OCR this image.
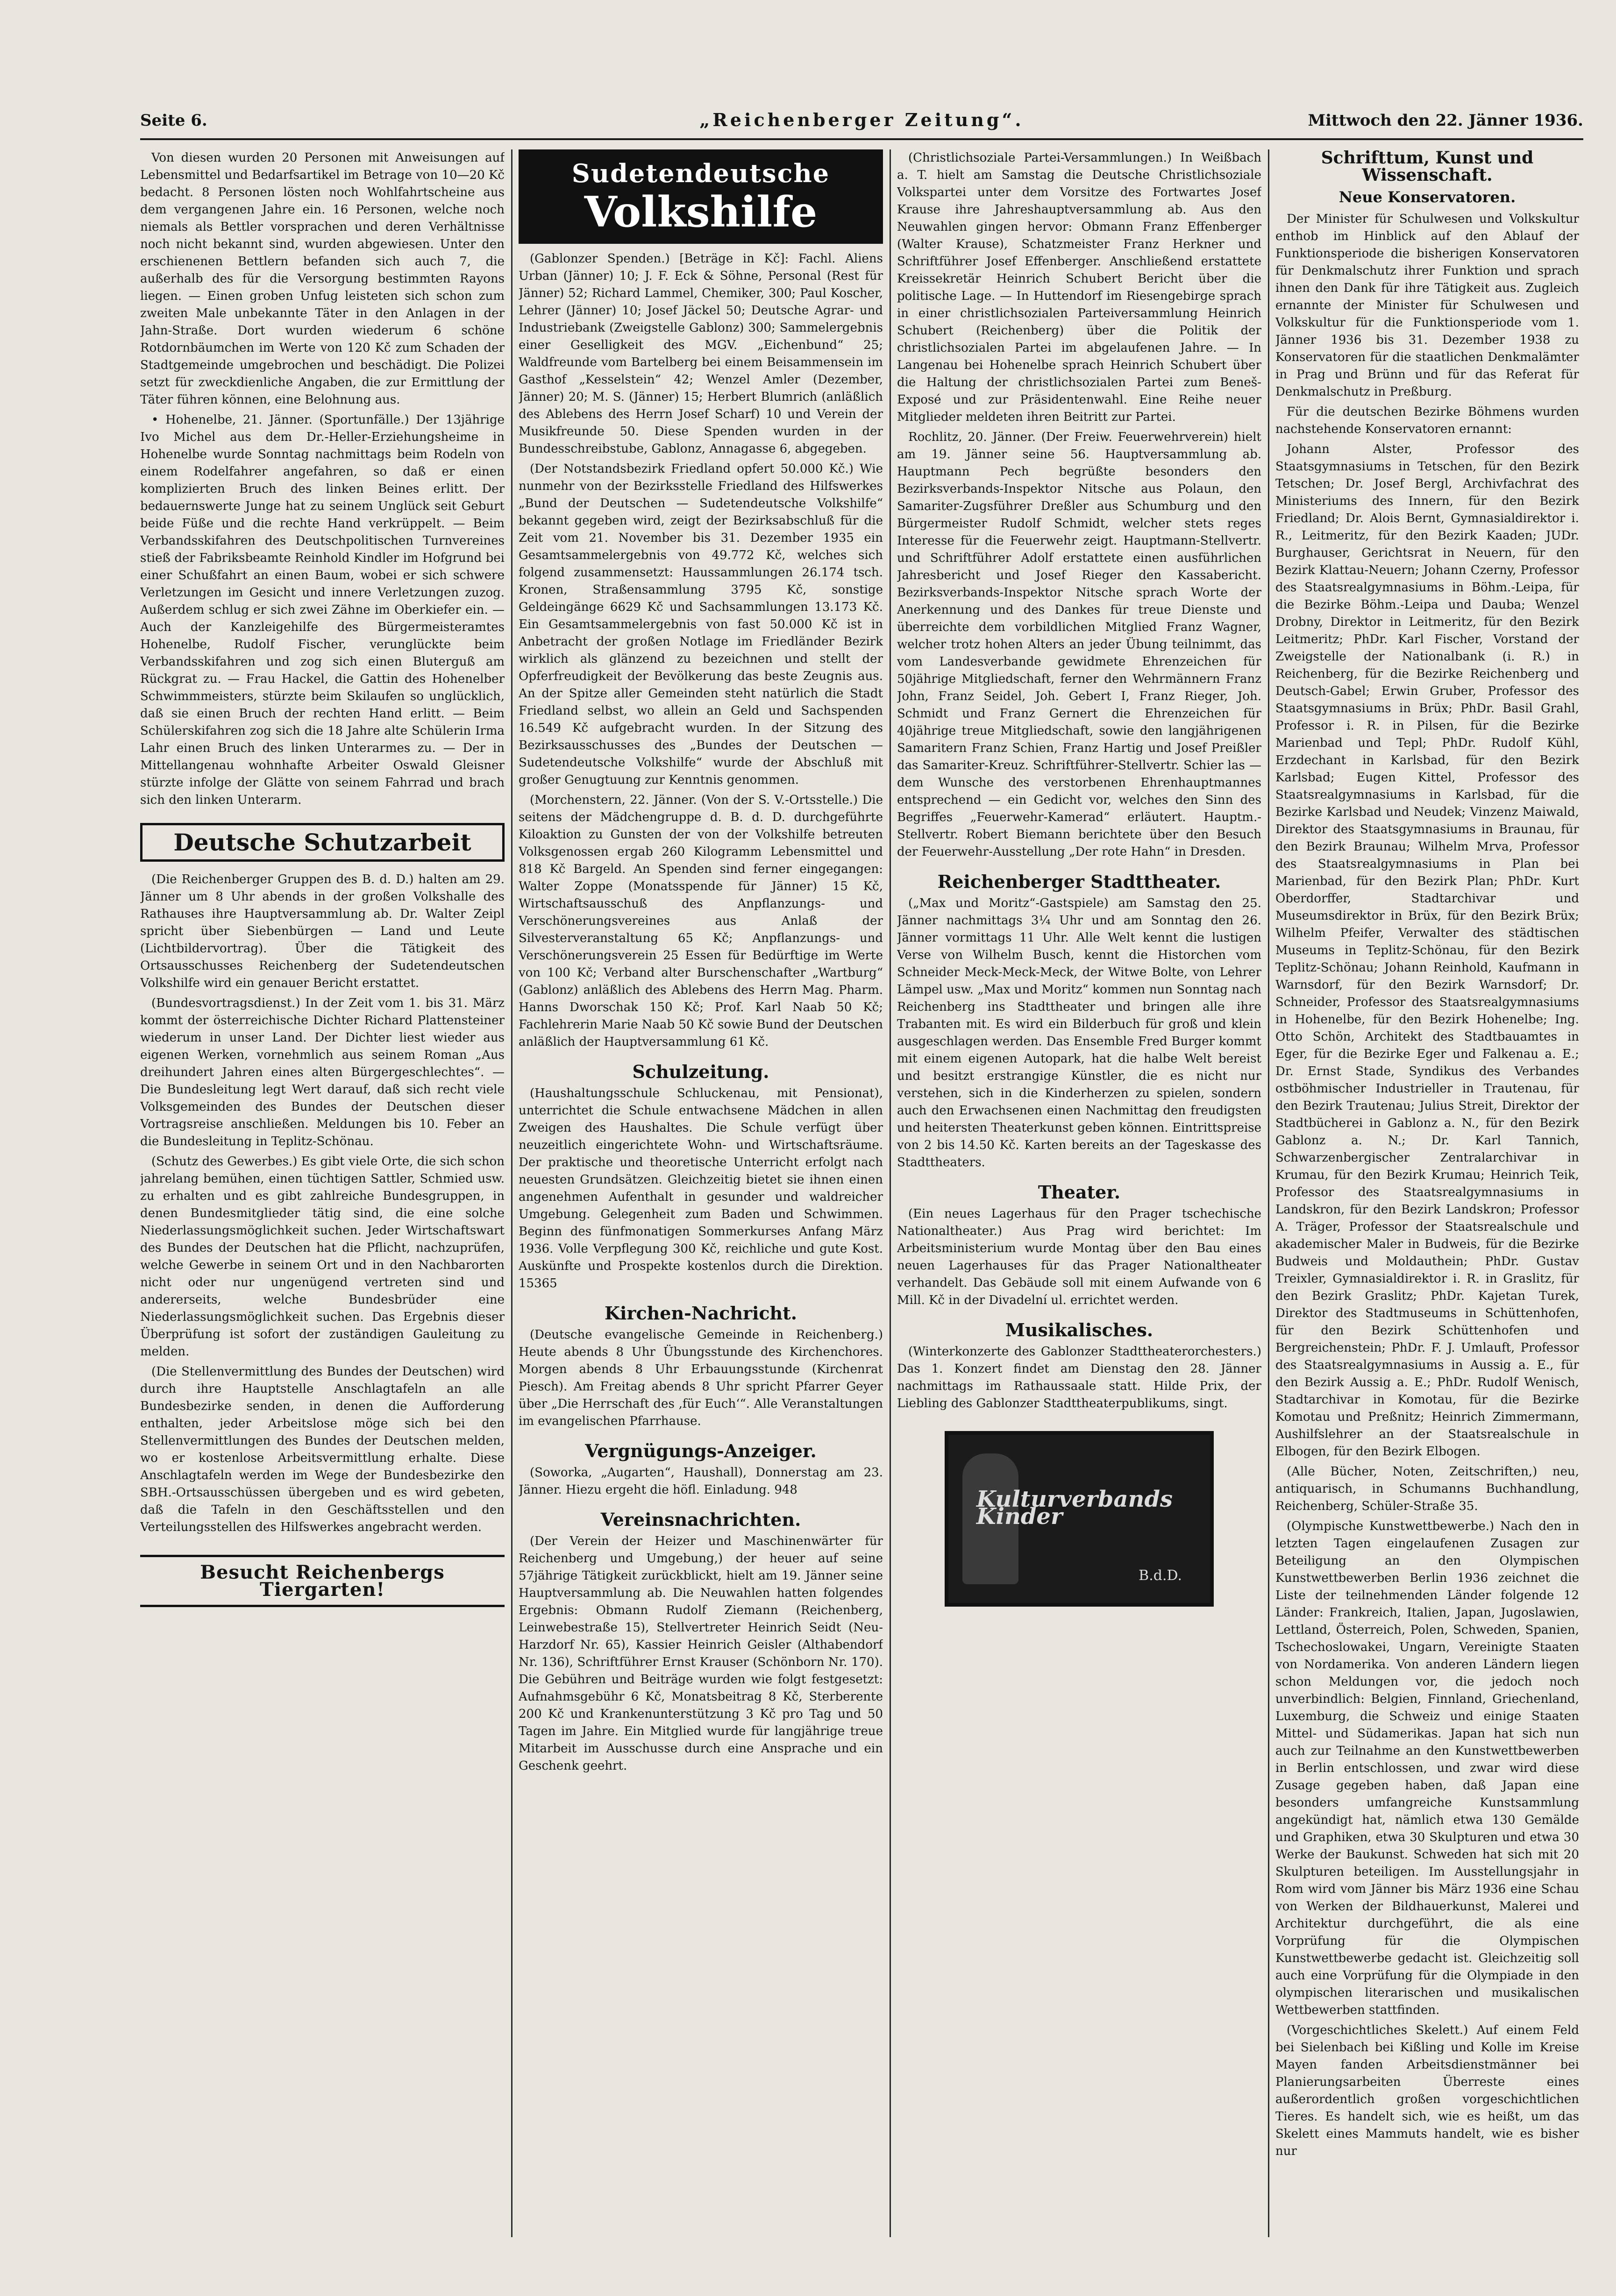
Seite 6.	„Reichenberger Zeitung“.	Mittwoch den 22. Jänner 1936.

Von diesen wurden 20 Personen mit Anweisungen auf Lebensmittel und Bedarfsartikel im Betrage von 10—20 Kč bedacht. 8 Personen lösten noch Wohlfahrtscheine aus dem vergangenen Jahre ein. 16 Personen, welche noch niemals als Bettler vorsprachen und deren Verhältnisse noch nicht bekannt sind, wurden abgewiesen. Unter den erschienenen Bettlern befanden sich auch 7, die außerhalb des für die Versorgung bestimmten Rayons liegen. — Einen groben Unfug leisteten sich schon zum zweiten Male unbekannte Täter in den Anlagen in der Jahn-Straße. Dort wurden wiederum 6 schöne Rotdornbäumchen im Werte von 120 Kč zum Schaden der Stadtgemeinde umgebrochen und beschädigt. Die Polizei setzt für zweckdienliche Angaben, die zur Ermittlung der Täter führen können, eine Belohnung aus.

• Hohenelbe, 21. Jänner. (Sportunfälle.) Der 13jährige Ivo Michel aus dem Dr.-Heller-Erziehungsheime in Hohenelbe wurde Sonntag nachmittags beim Rodeln von einem Rodelfahrer angefahren, so daß er einen komplizierten Bruch des linken Beines erlitt. Der bedauernswerte Junge hat zu seinem Unglück seit Geburt beide Füße und die rechte Hand verkrüppelt. — Beim Verbandsskifahren des Deutschpolitischen Turnvereines stieß der Fabriksbeamte Reinhold Kindler im Hofgrund bei einer Schußfahrt an einen Baum, wobei er sich schwere Verletzungen im Gesicht und innere Verletzungen zuzog. Außerdem schlug er sich zwei Zähne im Oberkiefer ein. — Auch der Kanzleigehilfe des Bürgermeisteramtes Hohenelbe, Rudolf Fischer, verunglückte beim Verbandsskifahren und zog sich einen Bluterguß am Rückgrat zu. — Frau Hackel, die Gattin des Hohenelber Schwimmmeisters, stürzte beim Skilaufen so unglücklich, daß sie einen Bruch der rechten Hand erlitt. — Beim Schülerskifahren zog sich die 18 Jahre alte Schülerin Irma Lahr einen Bruch des linken Unterarmes zu. — Der in Mittellangenau wohnhafte Arbeiter Oswald Gleisner stürzte infolge der Glätte von seinem Fahrrad und brach sich den linken Unterarm.

Deutsche Schutzarbeit

(Die Reichenberger Gruppen des B. d. D.) halten am 29. Jänner um 8 Uhr abends in der großen Volkshalle des Rathauses ihre Hauptversammlung ab. Dr. Walter Zeipl spricht über Siebenbürgen — Land und Leute (Lichtbildervortrag). Über die Tätigkeit des Ortsausschusses Reichenberg der Sudetendeutschen Volkshilfe wird ein genauer Bericht erstattet.

(Bundesvortragsdienst.) In der Zeit vom 1. bis 31. März kommt der österreichische Dichter Richard Plattensteiner wiederum in unser Land. Der Dichter liest wieder aus eigenen Werken, vornehmlich aus seinem Roman „Aus dreihundert Jahren eines alten Bürgergeschlechtes“. — Die Bundesleitung legt Wert darauf, daß sich recht viele Volksgemeinden des Bundes der Deutschen dieser Vortragsreise anschließen. Meldungen bis 10. Feber an die Bundesleitung in Teplitz-Schönau.

(Schutz des Gewerbes.) Es gibt viele Orte, die sich schon jahrelang bemühen, einen tüchtigen Sattler, Schmied usw. zu erhalten und es gibt zahlreiche Bundesgruppen, in denen Bundesmitglieder tätig sind, die eine solche Niederlassungsmöglichkeit suchen. Jeder Wirtschaftswart des Bundes der Deutschen hat die Pflicht, nachzuprüfen, welche Gewerbe in seinem Ort und in den Nachbarorten nicht oder nur ungenügend vertreten sind und andererseits, welche Bundesbrüder eine Niederlassungsmöglichkeit suchen. Das Ergebnis dieser Überprüfung ist sofort der zuständigen Gauleitung zu melden.

(Die Stellenvermittlung des Bundes der Deutschen) wird durch ihre Hauptstelle Anschlagtafeln an alle Bundesbezirke senden, in denen die Aufforderung enthalten, jeder Arbeitslose möge sich bei den Stellenvermittlungen des Bundes der Deutschen melden, wo er kostenlose Arbeitsvermittlung erhalte. Diese Anschlagtafeln werden im Wege der Bundesbezirke den SBH.-Ortsausschüssen übergeben und es wird gebeten, daß die Tafeln in den Geschäftsstellen und den Verteilungsstellen des Hilfswerkes angebracht werden.

Besucht Reichenbergs Tiergarten!
Sudetendeutsche
Volkshilfe

(Gablonzer Spenden.) [Beträge in Kč]: Fachl. Aliens Urban (Jänner) 10; J. F. Eck & Söhne, Personal (Rest für Jänner) 52; Richard Lammel, Chemiker, 300; Paul Koscher, Lehrer (Jänner) 10; Josef Jäckel 50; Deutsche Agrar- und Industriebank (Zweigstelle Gablonz) 300; Sammelergebnis einer Geselligkeit des MGV. „Eichenbund“ 25; Waldfreunde vom Bartelberg bei einem Beisammensein im Gasthof „Kesselstein“ 42; Wenzel Amler (Dezember, Jänner) 20; M. S. (Jänner) 15; Herbert Blumrich (anläßlich des Ablebens des Herrn Josef Scharf) 10 und Verein der Musikfreunde 50. Diese Spenden wurden in der Bundesschreibstube, Gablonz, Annagasse 6, abgegeben.

(Der Notstandsbezirk Friedland opfert 50.000 Kč.) Wie nunmehr von der Bezirksstelle Friedland des Hilfswerkes „Bund der Deutschen — Sudetendeutsche Volkshilfe“ bekannt gegeben wird, zeigt der Bezirksabschluß für die Zeit vom 21. November bis 31. Dezember 1935 ein Gesamtsammelergebnis von 49.772 Kč, welches sich folgend zusammensetzt: Haussammlungen 26.174 tsch. Kronen, Straßensammlung 3795 Kč, sonstige Geldeingänge 6629 Kč und Sachsammlungen 13.173 Kč. Ein Gesamtsammelergebnis von fast 50.000 Kč ist in Anbetracht der großen Notlage im Friedländer Bezirk wirklich als glänzend zu bezeichnen und stellt der Opferfreudigkeit der Bevölkerung das beste Zeugnis aus. An der Spitze aller Gemeinden steht natürlich die Stadt Friedland selbst, wo allein an Geld und Sachspenden 16.549 Kč aufgebracht wurden. In der Sitzung des Bezirksausschusses des „Bundes der Deutschen — Sudetendeutsche Volkshilfe“ wurde der Abschluß mit großer Genugtuung zur Kenntnis genommen.

(Morchenstern, 22. Jänner. (Von der S. V.-Ortsstelle.) Die seitens der Mädchengruppe d. B. d. D. durchgeführte Kiloaktion zu Gunsten der von der Volkshilfe betreuten Volksgenossen ergab 260 Kilogramm Lebensmittel und 818 Kč Bargeld. An Spenden sind ferner eingegangen: Walter Zoppe (Monatsspende für Jänner) 15 Kč, Wirtschaftsausschuß des Anpflanzungs- und Verschönerungsvereines aus Anlaß der Silvesterveranstaltung 65 Kč; Anpflanzungs- und Verschönerungsverein 25 Essen für Bedürftige im Werte von 100 Kč; Verband alter Burschenschafter „Wartburg“ (Gablonz) anläßlich des Ablebens des Herrn Mag. Pharm. Hanns Dworschak 150 Kč; Prof. Karl Naab 50 Kč; Fachlehrerin Marie Naab 50 Kč sowie Bund der Deutschen anläßlich der Hauptversammlung 61 Kč.

Schulzeitung.

(Haushaltungsschule Schluckenau, mit Pensionat), unterrichtet die Schule entwachsene Mädchen in allen Zweigen des Haushaltes. Die Schule verfügt über neuzeitlich eingerichtete Wohn- und Wirtschaftsräume. Der praktische und theoretische Unterricht erfolgt nach neuesten Grundsätzen. Gleichzeitig bietet sie ihnen einen angenehmen Aufenthalt in gesunder und waldreicher Umgebung. Gelegenheit zum Baden und Schwimmen. Beginn des fünfmonatigen Sommerkurses Anfang März 1936. Volle Verpflegung 300 Kč, reichliche und gute Kost. Auskünfte und Prospekte kostenlos durch die Direktion. 15365

Kirchen-Nachricht.

(Deutsche evangelische Gemeinde in Reichenberg.) Heute abends 8 Uhr Übungsstunde des Kirchenchores. Morgen abends 8 Uhr Erbauungsstunde (Kirchenrat Piesch). Am Freitag abends 8 Uhr spricht Pfarrer Geyer über „Die Herrschaft des ‚für Euch‘“. Alle Veranstaltungen im evangelischen Pfarrhause.

Vergnügungs-Anzeiger.

(Soworka, „Augarten“, Haushall), Donnerstag am 23. Jänner. Hiezu ergeht die höfl. Einladung. 948

Vereinsnachrichten.

(Der Verein der Heizer und Maschinenwärter für Reichenberg und Umgebung,) der heuer auf seine 57jährige Tätigkeit zurückblickt, hielt am 19. Jänner seine Hauptversammlung ab. Die Neuwahlen hatten folgendes Ergebnis: Obmann Rudolf Ziemann (Reichenberg, Leinwebestraße 15), Stellvertreter Heinrich Seidt (Neu-Harzdorf Nr. 65), Kassier Heinrich Geisler (Althabendorf Nr. 136), Schriftführer Ernst Krauser (Schönborn Nr. 170). Die Gebühren und Beiträge wurden wie folgt festgesetzt: Aufnahmsgebühr 6 Kč, Monatsbeitrag 8 Kč, Sterberente 200 Kč und Krankenunterstützung 3 Kč pro Tag und 50 Tagen im Jahre. Ein Mitglied wurde für langjährige treue Mitarbeit im Ausschusse durch eine Ansprache und ein Geschenk geehrt.

(Christlichsoziale Partei-Versammlungen.) In Weißbach a. T. hielt am Samstag die Deutsche Christlichsoziale Volkspartei unter dem Vorsitze des Fortwartes Josef Krause ihre Jahreshauptversammlung ab. Aus den Neuwahlen gingen hervor: Obmann Franz Effenberger (Walter Krause), Schatzmeister Franz Herkner und Schriftführer Josef Effenberger. Anschließend erstattete Kreissekretär Heinrich Schubert Bericht über die politische Lage. — In Huttendorf im Riesengebirge sprach in einer christlichsozialen Parteiversammlung Heinrich Schubert (Reichenberg) über die Politik der christlichsozialen Partei im abgelaufenen Jahre. — In Langenau bei Hohenelbe sprach Heinrich Schubert über die Haltung der christlichsozialen Partei zum Beneš-Exposé und zur Präsidentenwahl. Eine Reihe neuer Mitglieder meldeten ihren Beitritt zur Partei.

Rochlitz, 20. Jänner. (Der Freiw. Feuerwehrverein) hielt am 19. Jänner seine 56. Hauptversammlung ab. Hauptmann Pech begrüßte besonders den Bezirksverbands-Inspektor Nitsche aus Polaun, den Samariter-Zugsführer Dreßler aus Schumburg und den Bürgermeister Rudolf Schmidt, welcher stets reges Interesse für die Feuerwehr zeigt. Hauptmann-Stellvertr. und Schriftführer Adolf erstattete einen ausführlichen Jahresbericht und Josef Rieger den Kassabericht. Bezirksverbands-Inspektor Nitsche sprach Worte der Anerkennung und des Dankes für treue Dienste und überreichte dem vorbildlichen Mitglied Franz Wagner, welcher trotz hohen Alters an jeder Übung teilnimmt, das vom Landesverbande gewidmete Ehrenzeichen für 50jährige Mitgliedschaft, ferner den Wehrmännern Franz John, Franz Seidel, Joh. Gebert I, Franz Rieger, Joh. Schmidt und Franz Gernert die Ehrenzeichen für 40jährige treue Mitgliedschaft, sowie den langjährigenen Samaritern Franz Schien, Franz Hartig und Josef Preißler das Samariter-Kreuz. Schriftführer-Stellvertr. Schier las — dem Wunsche des verstorbenen Ehrenhauptmannes entsprechend — ein Gedicht vor, welches den Sinn des Begriffes „Feuerwehr-Kamerad“ erläutert. Hauptm.-Stellvertr. Robert Biemann berichtete über den Besuch der Feuerwehr-Ausstellung „Der rote Hahn“ in Dresden.

Reichenberger Stadttheater.

(„Max und Moritz“-Gastspiele) am Samstag den 25. Jänner nachmittags 3¼ Uhr und am Sonntag den 26. Jänner vormittags 11 Uhr. Alle Welt kennt die lustigen Verse von Wilhelm Busch, kennt die Historchen vom Schneider Meck-Meck-Meck, der Witwe Bolte, von Lehrer Lämpel usw. „Max und Moritz“ kommen nun Sonntag nach Reichenberg ins Stadttheater und bringen alle ihre Trabanten mit. Es wird ein Bilderbuch für groß und klein ausgeschlagen werden. Das Ensemble Fred Burger kommt mit einem eigenen Autopark, hat die halbe Welt bereist und besitzt erstrangige Künstler, die es nicht nur verstehen, sich in die Kinderherzen zu spielen, sondern auch den Erwachsenen einen Nachmittag den freudigsten und heitersten Theaterkunst geben können. Eintrittspreise von 2 bis 14.50 Kč. Karten bereits an der Tageskasse des Stadttheaters.

Theater.

(Ein neues Lagerhaus für den Prager tschechische Nationaltheater.) Aus Prag wird berichtet: Im Arbeitsministerium wurde Montag über den Bau eines neuen Lagerhauses für das Prager Nationaltheater verhandelt. Das Gebäude soll mit einem Aufwande von 6 Mill. Kč in der Divadelní ul. errichtet werden.

Musikalisches.

(Winterkonzerte des Gablonzer Stadttheaterorchesters.) Das 1. Konzert findet am Dienstag den 28. Jänner nachmittags im Rathaussaale statt. Hilde Prix, der Liebling des Gablonzer Stadttheaterpublikums, singt.

Kulturverbands Kinder
B.d.D.
Schrifttum, Kunst und Wissenschaft.
Neue Konservatoren.

Der Minister für Schulwesen und Volkskultur enthob im Hinblick auf den Ablauf der Funktionsperiode die bisherigen Konservatoren für Denkmalschutz ihrer Funktion und sprach ihnen den Dank für ihre Tätigkeit aus. Zugleich ernannte der Minister für Schulwesen und Volkskultur für die Funktionsperiode vom 1. Jänner 1936 bis 31. Dezember 1938 zu Konservatoren für die staatlichen Denkmalämter in Prag und Brünn und für das Referat für Denkmalschutz in Preßburg.

Für die deutschen Bezirke Böhmens wurden nachstehende Konservatoren ernannt:

Johann Alster, Professor des Staatsgymnasiums in Tetschen, für den Bezirk Tetschen; Dr. Josef Bergl, Archivfachrat des Ministeriums des Innern, für den Bezirk Friedland; Dr. Alois Bernt, Gymnasialdirektor i. R., Leitmeritz, für den Bezirk Kaaden; JUDr. Burghauser, Gerichtsrat in Neuern, für den Bezirk Klattau-Neuern; Johann Czerny, Professor des Staatsrealgymnasiums in Böhm.-Leipa, für die Bezirke Böhm.-Leipa und Dauba; Wenzel Drobny, Direktor in Leitmeritz, für den Bezirk Leitmeritz; PhDr. Karl Fischer, Vorstand der Zweigstelle der Nationalbank (i. R.) in Reichenberg, für die Bezirke Reichenberg und Deutsch-Gabel; Erwin Gruber, Professor des Staatsgymnasiums in Brüx; PhDr. Basil Grahl, Professor i. R. in Pilsen, für die Bezirke Marienbad und Tepl; PhDr. Rudolf Kühl, Erzdechant in Karlsbad, für den Bezirk Karlsbad; Eugen Kittel, Professor des Staatsrealgymnasiums in Karlsbad, für die Bezirke Karlsbad und Neudek; Vinzenz Maiwald, Direktor des Staatsgymnasiums in Braunau, für den Bezirk Braunau; Wilhelm Mrva, Professor des Staatsrealgymnasiums in Plan bei Marienbad, für den Bezirk Plan; PhDr. Kurt Oberdorffer, Stadtarchivar und Museumsdirektor in Brüx, für den Bezirk Brüx; Wilhelm Pfeifer, Verwalter des städtischen Museums in Teplitz-Schönau, für den Bezirk Teplitz-Schönau; Johann Reinhold, Kaufmann in Warnsdorf, für den Bezirk Warnsdorf; Dr. Schneider, Professor des Staatsrealgymnasiums in Hohenelbe, für den Bezirk Hohenelbe; Ing. Otto Schön, Architekt des Stadtbauamtes in Eger, für die Bezirke Eger und Falkenau a. E.; Dr. Ernst Stade, Syndikus des Verbandes ostböhmischer Industrieller in Trautenau, für den Bezirk Trautenau; Julius Streit, Direktor der Stadtbücherei in Gablonz a. N., für den Bezirk Gablonz a. N.; Dr. Karl Tannich, Schwarzenbergischer Zentralarchivar in Krumau, für den Bezirk Krumau; Heinrich Teik, Professor des Staatsrealgymnasiums in Landskron, für den Bezirk Landskron; Professor A. Träger, Professor der Staatsrealschule und akademischer Maler in Budweis, für die Bezirke Budweis und Moldauthein; PhDr. Gustav Treixler, Gymnasialdirektor i. R. in Graslitz, für den Bezirk Graslitz; PhDr. Kajetan Turek, Direktor des Stadtmuseums in Schüttenhofen, für den Bezirk Schüttenhofen und Bergreichenstein; PhDr. F. J. Umlauft, Professor des Staatsrealgymnasiums in Aussig a. E., für den Bezirk Aussig a. E.; PhDr. Rudolf Wenisch, Stadtarchivar in Komotau, für die Bezirke Komotau und Preßnitz; Heinrich Zimmermann, Aushilfslehrer an der Staatsrealschule in Elbogen, für den Bezirk Elbogen.

(Alle Bücher, Noten, Zeitschriften,) neu, antiquarisch, in Schumanns Buchhandlung, Reichenberg, Schüler-Straße 35.

(Olympische Kunstwettbewerbe.) Nach den in letzten Tagen eingelaufenen Zusagen zur Beteiligung an den Olympischen Kunstwettbewerben Berlin 1936 zeichnet die Liste der teilnehmenden Länder folgende 12 Länder: Frankreich, Italien, Japan, Jugoslawien, Lettland, Österreich, Polen, Schweden, Spanien, Tschechoslowakei, Ungarn, Vereinigte Staaten von Nordamerika. Von anderen Ländern liegen schon Meldungen vor, die jedoch noch unverbindlich: Belgien, Finnland, Griechenland, Luxemburg, die Schweiz und einige Staaten Mittel- und Südamerikas. Japan hat sich nun auch zur Teilnahme an den Kunstwettbewerben in Berlin entschlossen, und zwar wird diese Zusage gegeben haben, daß Japan eine besonders umfangreiche Kunstsammlung angekündigt hat, nämlich etwa 130 Gemälde und Graphiken, etwa 30 Skulpturen und etwa 30 Werke der Baukunst. Schweden hat sich mit 20 Skulpturen beteiligen. Im Ausstellungsjahr in Rom wird vom Jänner bis März 1936 eine Schau von Werken der Bildhauerkunst, Malerei und Architektur durchgeführt, die als eine Vorprüfung für die Olympischen Kunstwettbewerbe gedacht ist. Gleichzeitig soll auch eine Vorprüfung für die Olympiade in den olympischen literarischen und musikalischen Wettbewerben stattfinden.

(Vorgeschichtliches Skelett.) Auf einem Feld bei Sielenbach bei Kißling und Kolle im Kreise Mayen fanden Arbeitsdienstmänner bei Planierungsarbeiten Überreste eines außerordentlich großen vorgeschichtlichen Tieres. Es handelt sich, wie es heißt, um das Skelett eines Mammuts handelt, wie es bisher nur
